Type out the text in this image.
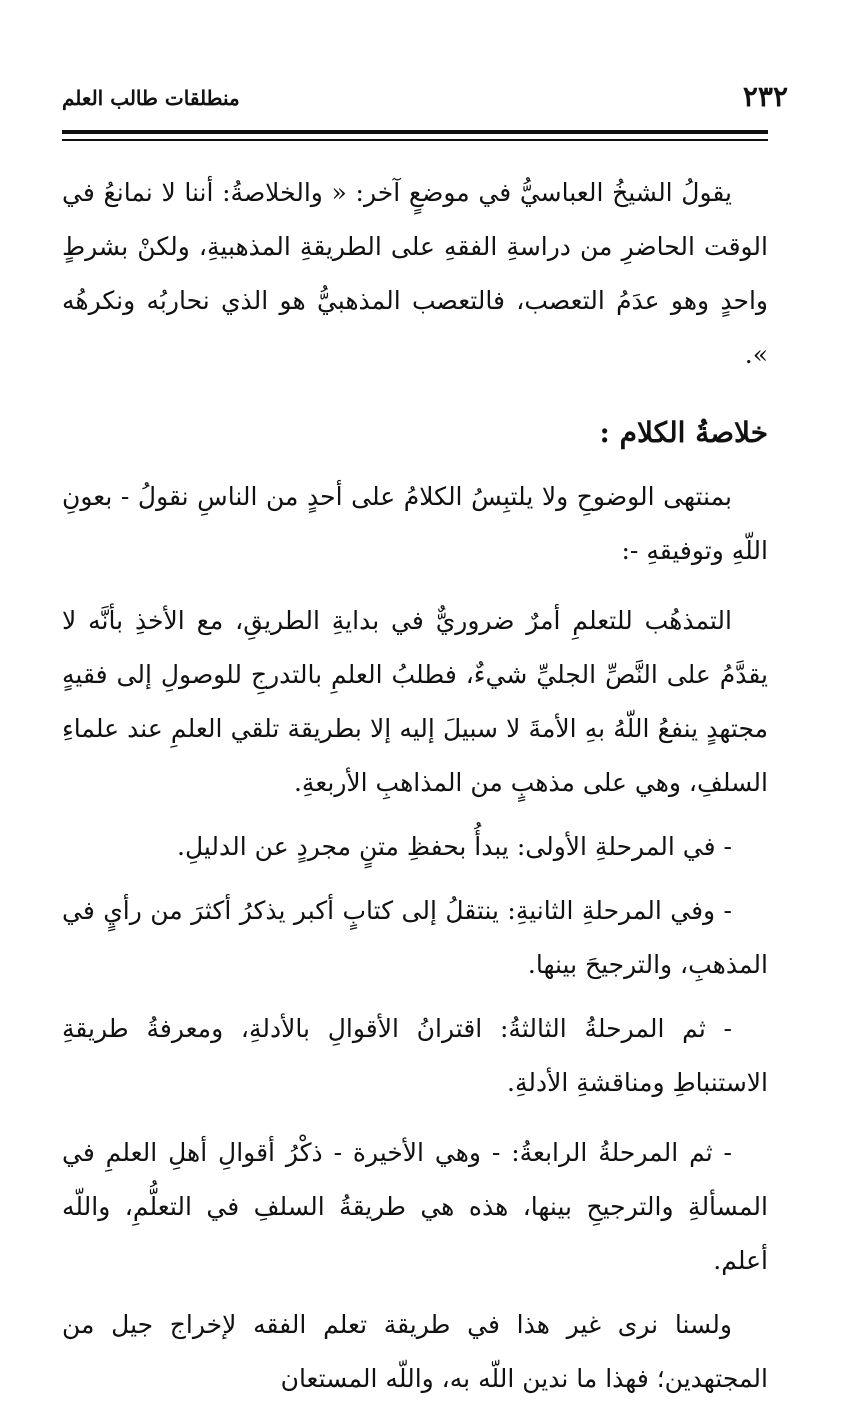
٢٣٢
منطلقات طالب العلم

يقولُ الشيخُ العباسيُّ في موضعٍ آخر: « والخلاصةُ: أننا لا نمانعُ في الوقت الحاضرِ من دراسةِ الفقهِ على الطريقةِ المذهبيةِ، ولكنْ بشرطٍ واحدٍ وهو عدَمُ التعصب، فالتعصب المذهبيُّ هو الذي نحاربُه ونكرهُه ».

خلاصةُ الكلام :

بمنتهى الوضوحِ ولا يلتبِسُ الكلامُ على أحدٍ من الناسِ نقولُ - بعونِ اللّهِ وتوفيقهِ -:

التمذهُب للتعلمِ أمرٌ ضروريٌّ في بدايةِ الطريقِ، مع الأخذِ بأنَّه لا يقدَّمُ على النَّصِّ الجليِّ شيءٌ، فطلبُ العلمِ بالتدرجِ للوصولِ إلى فقيهٍ مجتهدٍ ينفعُ اللّهُ بهِ الأمةَ لا سبيلَ إليه إلا بطريقة تلقي العلمِ عند علماءِ السلفِ، وهي على مذهبٍ من المذاهبِ الأربعةِ.

- في المرحلةِ الأولى: يبدأُ بحفظِ متنٍ مجردٍ عن الدليلِ.

- وفي المرحلةِ الثانيةِ: ينتقلُ إلى كتابٍ أكبر يذكرُ أكثرَ من رأيٍ في المذهبِ، والترجيحَ بينها.

- ثم المرحلةُ الثالثةُ: اقترانُ الأقوالِ بالأدلةِ، ومعرفةُ طريقةِ الاستنباطِ ومناقشةِ الأدلةِ.

- ثم المرحلةُ الرابعةُ: - وهي الأخيرة - ذكْرُ أقوالِ أهلِ العلمِ في المسألةِ والترجيحِ بينها، هذه هي طريقةُ السلفِ في التعلُّمِ، واللّه أعلم.

ولسنا نرى غير هذا في طريقة تعلم الفقه لإخراج جيل من المجتهدين؛ فهذا ما ندين اللّه به، واللّه المستعان
